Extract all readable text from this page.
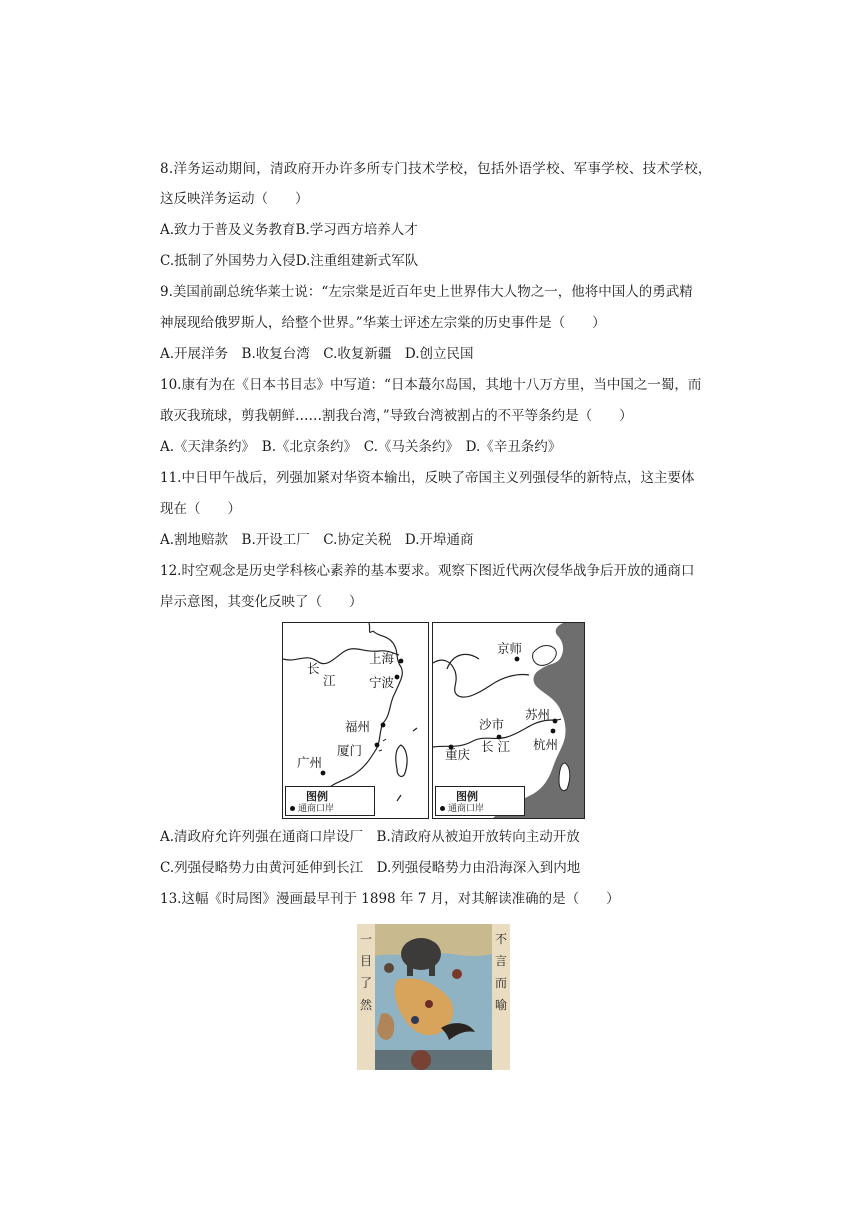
8.洋务运动期间，清政府开办许多所专门技术学校，包括外语学校、军事学校、技术学校，
这反映洋务运动（　　）
A.致力于普及义务教育B.学习西方培养人才
C.抵制了外国势力入侵D.注重组建新式军队
9.美国前副总统华莱士说：“左宗棠是近百年史上世界伟大人物之一，他将中国人的勇武精
神展现给俄罗斯人，给整个世界。”华莱士评述左宗棠的历史事件是（　　）
A.开展洋务　B.收复台湾　C.收复新疆　D.创立民国
10.康有为在《日本书目志》中写道：“日本蕞尔岛国，其地十八万方里，当中国之一蜀，而
敢灭我琉球，剪我朝鲜……割我台湾，”导致台湾被割占的不平等条约是（　　）
A.《天津条约》　B.《北京条约》　C.《马关条约》　D.《辛丑条约》
11.中日甲午战后，列强加紧对华资本输出，反映了帝国主义列强侵华的新特点，这主要体
现在（　　）
A.割地赔款　B.开设工厂　C.协定关税　D.开埠通商
12.时空观念是历史学科核心素养的基本要求。观察下图近代两次侵华战争后开放的通商口
岸示意图，其变化反映了（　　）
长
江
上海
宁波
福州
厦门
广州
图例
通商口岸
京师
苏州
沙市
重庆
长 江 杭州
图例
通商口岸
A.清政府允许列强在通商口岸设厂　B.清政府从被迫开放转向主动开放
C.列强侵略势力由黄河延伸到长江　D.列强侵略势力由沿海深入到内地
13.这幅《时局图》漫画最早刊于 1898 年 7 月，对其解读准确的是（　　）
一目了然
不言而喻
